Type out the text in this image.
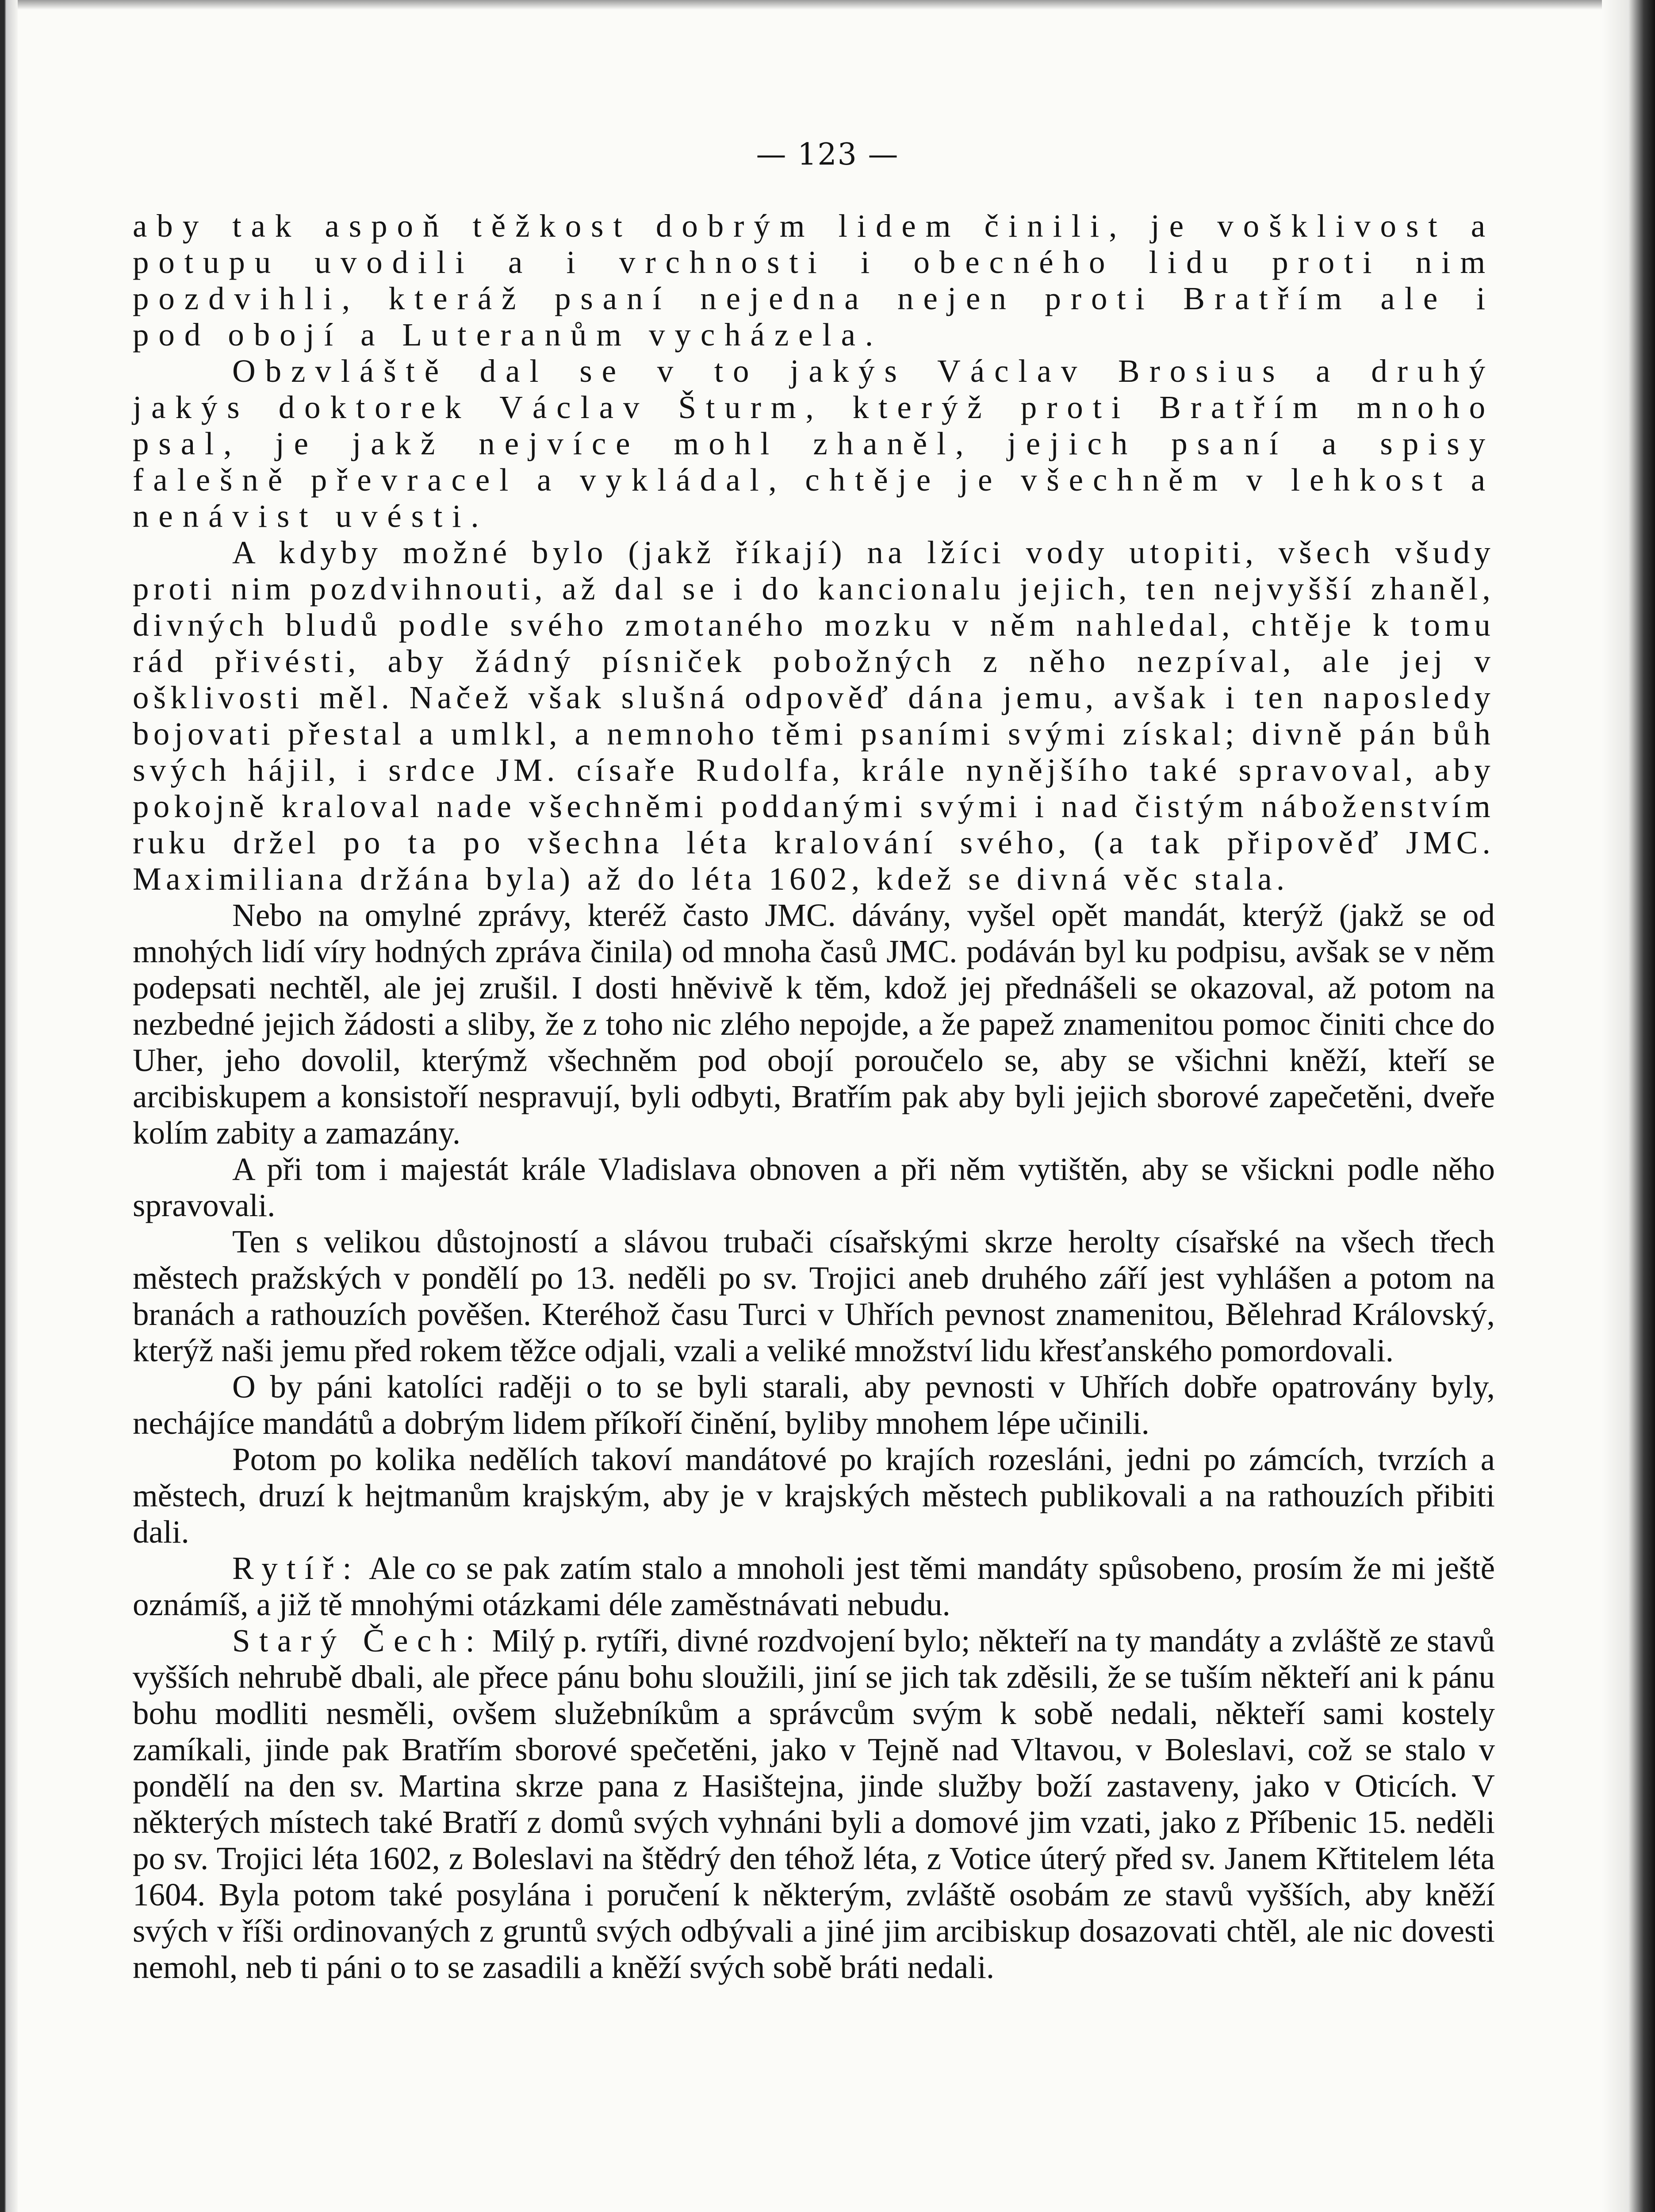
— 123 —

aby tak aspoň těžkost dobrým lidem činili, je vošklivost a potupu uvodili a i vrchnosti i obecného lidu proti nim pozdvihli, kteráž psaní nejedna nejen proti Bratřím ale i pod obojí a Luteranům vycházela.

Obzvláště dal se v to jakýs Václav Brosius a druhý jakýs doktorek Václav Šturm, kterýž proti Bratřím mnoho psal, je jakž nejvíce mohl zhaněl, jejich psaní a spisy falešně převracel a vykládal, chtěje je všechněm v lehkost a nenávist uvésti.

A kdyby možné bylo (jakž říkají) na lžíci vody utopiti, všech všudy proti nim pozdvihnouti, až dal se i do kancionalu jejich, ten nejvyšší zhaněl, divných bludů podle svého zmotaného mozku v něm nahledal, chtěje k tomu rád přivésti, aby žádný písniček pobožných z něho nezpíval, ale jej v ošklivosti měl. Načež však slušná odpověď dána jemu, avšak i ten naposledy bojovati přestal a umlkl, a nemnoho těmi psaními svými získal; divně pán bůh svých hájil, i srdce JM. císaře Rudolfa, krále nynějšího také spravoval, aby pokojně kraloval nade všechněmi poddanými svými i nad čistým náboženstvím ruku držel po ta po všechna léta kralování svého, (a tak připověď JMC. Maximiliana držána byla) až do léta 1602, kdež se divná věc stala.

Nebo na omylné zprávy, kteréž často JMC. dávány, vyšel opět mandát, kterýž (jakž se od mnohých lidí víry hodných zpráva činila) od mnoha časů JMC. podáván byl ku podpisu, avšak se v něm podepsati nechtěl, ale jej zrušil. I dosti hněvivě k těm, kdož jej přednášeli se okazoval, až potom na nezbedné jejich žádosti a sliby, že z toho nic zlého nepojde, a že papež znamenitou pomoc činiti chce do Uher, jeho dovolil, kterýmž všechněm pod obojí poroučelo se, aby se všichni kněží, kteří se arcibiskupem a konsistoří nespravují, byli odbyti, Bratřím pak aby byli jejich sborové zapečetěni, dveře kolím zabity a zamazány.

A při tom i majestát krále Vladislava obnoven a při něm vytištěn, aby se všickni podle něho spravovali.

Ten s velikou důstojností a slávou trubači císařskými skrze herolty císařské na všech třech městech pražských v pondělí po 13. neděli po sv. Trojici aneb druhého září jest vyhlášen a potom na branách a rathouzích pověšen. Kteréhož času Turci v Uhřích pevnost znamenitou, Bělehrad Královský, kterýž naši jemu před rokem těžce odjali, vzali a veliké množství lidu křesťanského pomordovali.

O by páni katolíci raději o to se byli starali, aby pevnosti v Uhřích dobře opatrovány byly, nechájíce mandátů a dobrým lidem příkoří činění, byliby mnohem lépe učinili.

Potom po kolika nedělích takoví mandátové po krajích rozesláni, jedni po zámcích, tvrzích a městech, druzí k hejtmanům krajským, aby je v krajských městech publikovali a na rathouzích přibiti dali.

Rytíř: Ale co se pak zatím stalo a mnoholi jest těmi mandáty spůsobeno, prosím že mi ještě oznámíš, a již tě mnohými otázkami déle zaměstnávati nebudu.

Starý Čech: Milý p. rytíři, divné rozdvojení bylo; někteří na ty mandáty a zvláště ze stavů vyšších nehrubě dbali, ale přece pánu bohu sloužili, jiní se jich tak zděsili, že se tuším někteří ani k pánu bohu modliti nesměli, ovšem služebníkům a správcům svým k sobě nedali, někteří sami kostely zamíkali, jinde pak Bratřím sborové spečetěni, jako v Tejně nad Vltavou, v Boleslavi, což se stalo v pondělí na den sv. Martina skrze pana z Hasištejna, jinde služby boží zastaveny, jako v Oticích. V některých místech také Bratří z domů svých vyhnáni byli a domové jim vzati, jako z Příbenic 15. neděli po sv. Trojici léta 1602, z Boleslavi na štědrý den téhož léta, z Votice úterý před sv. Janem Křtitelem léta 1604. Byla potom také posylána i poručení k některým, zvláště osobám ze stavů vyšších, aby kněží svých v říši ordinovaných z gruntů svých odbývali a jiné jim arcibiskup dosazovati chtěl, ale nic dovesti nemohl, neb ti páni o to se zasadili a kněží svých sobě bráti nedali.
